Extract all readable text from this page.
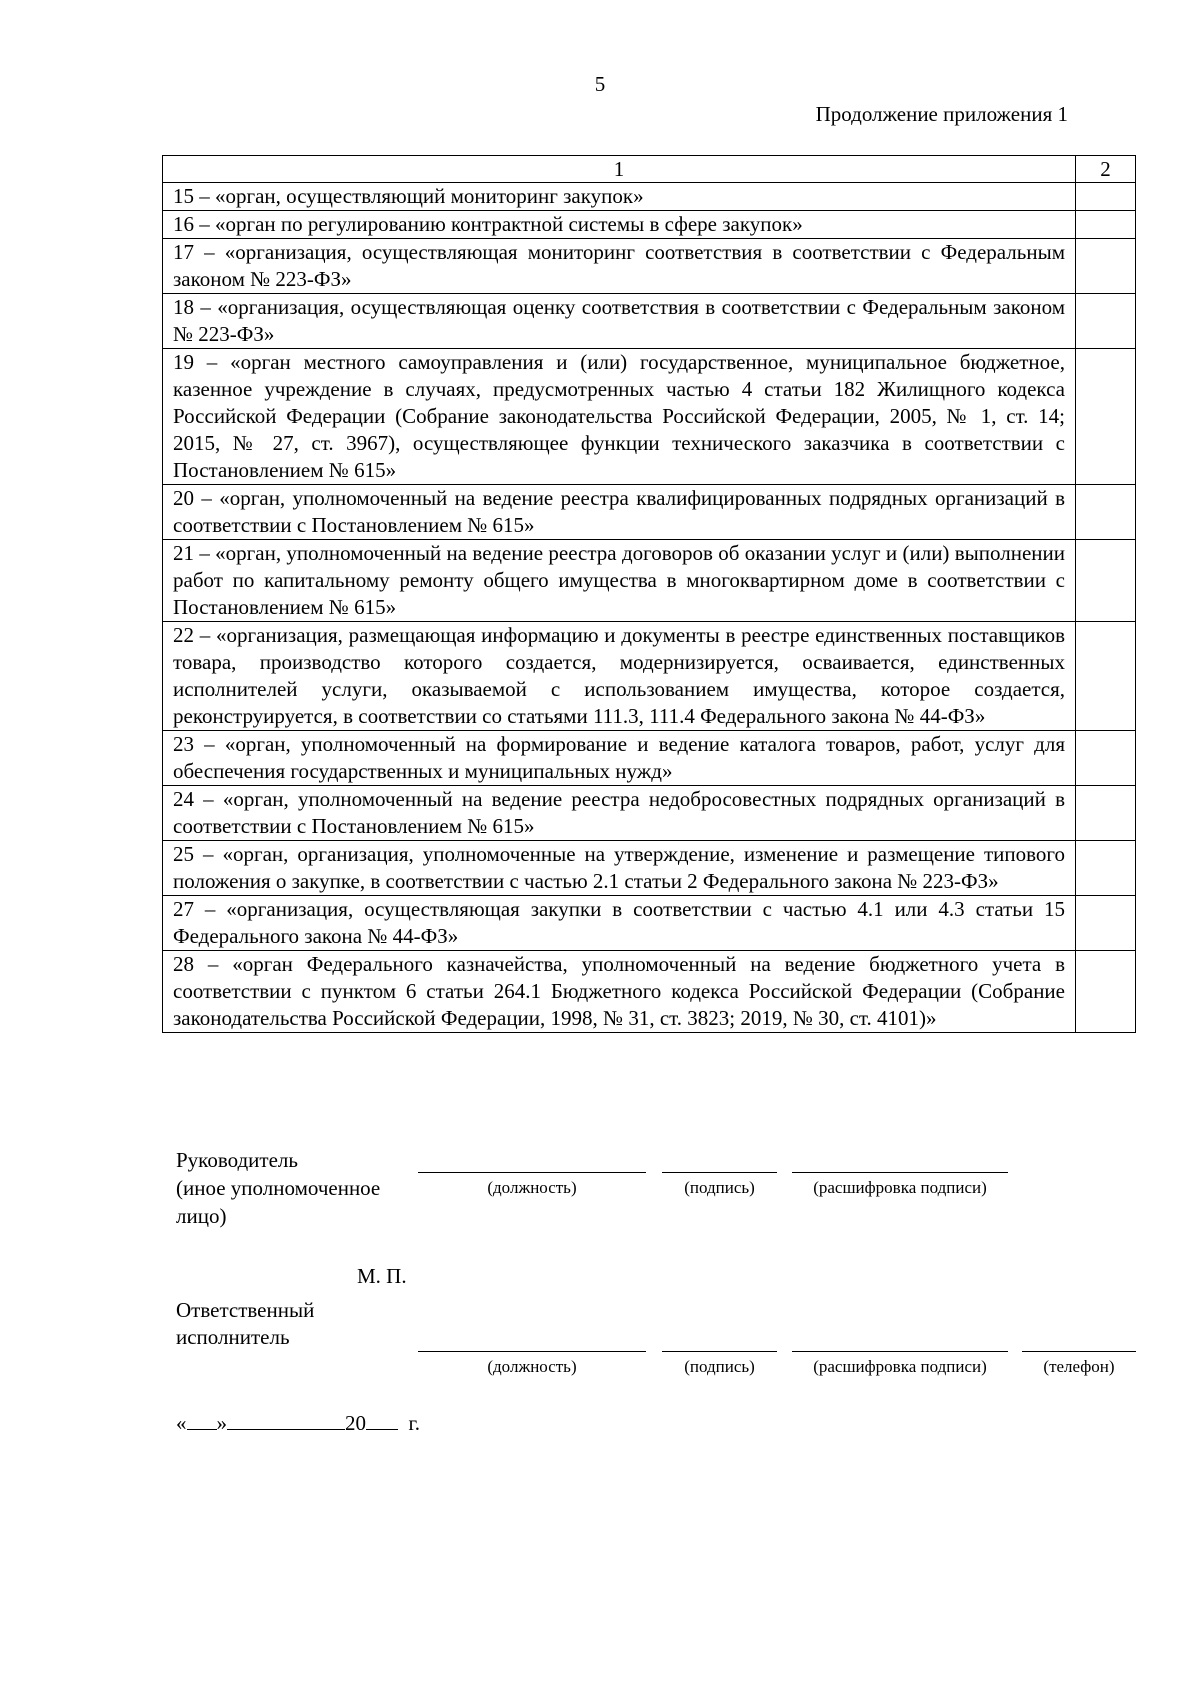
5
Продолжение приложения 1
1	2
15 – «орган, осуществляющий мониторинг закупок»	
16 – «орган по регулированию контрактной системы в сфере закупок»	
17 – «организация, осуществляющая мониторинг соответствия в соответствии с Федеральным законом № 223-ФЗ»	
18 – «организация, осуществляющая оценку соответствия в соответствии с Федеральным законом № 223-ФЗ»	
19 – «орган местного самоуправления и (или) государственное, муниципальное бюджетное, казенное учреждение в случаях, предусмотренных частью 4 статьи 182 Жилищного кодекса Российской Федерации (Собрание законодательства Российской Федерации, 2005, № 1, ст. 14; 2015, № 27, ст. 3967), осуществляющее функции технического заказчика в соответствии с Постановлением № 615»	
20 – «орган, уполномоченный на ведение реестра квалифицированных подрядных организаций в соответствии с Постановлением № 615»	
21 – «орган, уполномоченный на ведение реестра договоров об оказании услуг и (или) выполнении работ по капитальному ремонту общего имущества в многоквартирном доме в соответствии с Постановлением № 615»	
22 – «организация, размещающая информацию и документы в реестре единственных поставщиков товара, производство которого создается, модернизируется, осваивается, единственных исполнителей услуги, оказываемой с использованием имущества, которое создается, реконструируется, в соответствии со статьями 111.3, 111.4 Федерального закона № 44-ФЗ»	
23 – «орган, уполномоченный на формирование и ведение каталога товаров, работ, услуг для обеспечения государственных и муниципальных нужд»	
24 – «орган, уполномоченный на ведение реестра недобросовестных подрядных организаций в соответствии с Постановлением № 615»	
25 – «орган, организация, уполномоченные на утверждение, изменение и размещение типового положения о закупке, в соответствии с частью 2.1 статьи 2 Федерального закона № 223-ФЗ»	
27 – «организация, осуществляющая закупки в соответствии с частью 4.1 или 4.3 статьи 15 Федерального закона № 44-ФЗ»	
28 – «орган Федерального казначейства, уполномоченный на ведение бюджетного учета в соответствии с пунктом 6 статьи 264.1 Бюджетного кодекса Российской Федерации (Собрание законодательства Российской Федерации, 1998, № 31, ст. 3823; 2019, № 30, ст. 4101)»	
Руководитель
(иное уполномоченное
лицо)
(должность)	(подпись)	(расшифровка подписи)
М. П.
Ответственный
исполнитель
(должность)	(подпись)	(расшифровка подписи)	(телефон)
« »	20 г.
